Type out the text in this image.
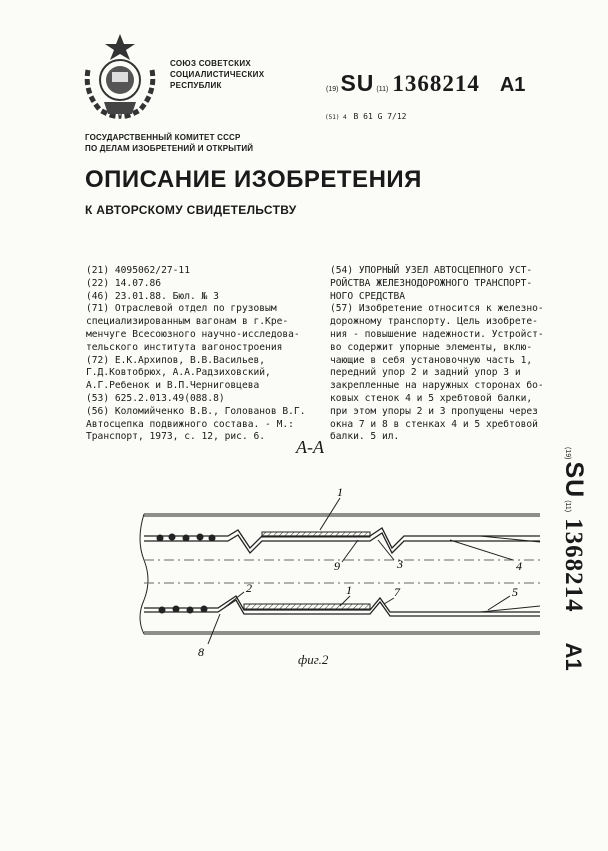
СОЮЗ СОВЕТСКИХ
СОЦИАЛИСТИЧЕСКИХ
РЕСПУБЛИК	(19) SU (11) 1368214 A1
(51) 4 В 61 G 7/12
ГОСУДАРСТВЕННЫЙ КОМИТЕТ СССР
ПО ДЕЛАМ ИЗОБРЕТЕНИЙ И ОТКРЫТИЙ
ОПИСАНИЕ ИЗОБРЕТЕНИЯ
К АВТОРСКОМУ СВИДЕТЕЛЬСТВУ
(21) 4095062/27-11
(22) 14.07.86
(46) 23.01.88. Бюл. № 3
(71) Отраслевой отдел по грузовым
специализированным вагонам в г.Кре-
менчуге Всесоюзного научно-исследова-
тельского института вагоностроения
(72) Е.К.Архипов, В.В.Васильев,
Г.Д.Ковтобрюх, А.А.Радзиховский,
А.Г.Ребенок и В.П.Черниговцева
(53) 625.2.013.49(088.8)
(56) Коломийченко В.В., Голованов В.Г.
Автосцепка подвижного состава. - М.:
Транспорт, 1973, с. 12, рис. 6.
(54) УПОРНЫЙ УЗЕЛ АВТОСЦЕПНОГО УСТ-
РОЙСТВА ЖЕЛЕЗНОДОРОЖНОГО ТРАНСПОРТ-
НОГО СРЕДСТВА
(57) Изобретение относится к железно-
дорожному транспорту. Цель изобрете-
ния - повышение надежности. Устройст-
во содержит упорные элементы, вклю-
чающие в себя установочную часть 1,
передний упор 2 и задний упор 3 и
закрепленные на наружных сторонах бо-
ковых стенок 4 и 5 хребтовой балки,
при этом упоры 2 и 3 пропущены через
окна 7 и 8 в стенках 4 и 5 хребтовой
балки. 5 ил.
(19)
SU
(11)
1368214
A1
А-А
1
9	3	4
2	1	7	5
8	фиг.2
